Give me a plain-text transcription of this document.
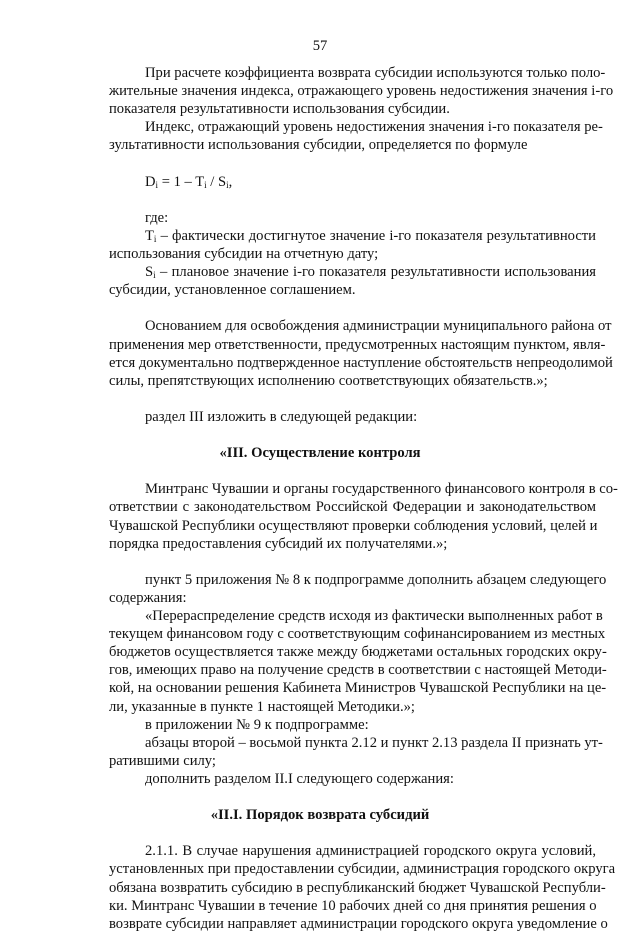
57
При расчете коэффициента возврата субсидии используются только поло-
жительные значения индекса, отражающего уровень недостижения значения i-го
показателя результативности использования субсидии.
Индекс, отражающий уровень недостижения значения i-го показателя ре-
зультативности использования субсидии, определяется по формуле
$D_i = 1 - T_i / S_i$,
где:
$T_i$ – фактически достигнутое значение i-го показателя результативности
использования субсидии на отчетную дату;
$S_i$ – плановое значение i-го показателя результативности использования
субсидии, установленное соглашением.
Основанием для освобождения администрации муниципального района от
применения мер ответственности, предусмотренных настоящим пунктом, явля-
ется документально подтвержденное наступление обстоятельств непреодолимой
силы, препятствующих исполнению соответствующих обязательств.»;
раздел III изложить в следующей редакции:
«III. Осуществление контроля
Минтранс Чувашии и органы государственного финансового контроля в со-
ответствии с законодательством Российской Федерации и законодательством
Чувашской Республики осуществляют проверки соблюдения условий, целей и
порядка предоставления субсидий их получателями.»;
пункт 5 приложения № 8 к подпрограмме дополнить абзацем следующего
содержания:
«Перераспределение средств исходя из фактически выполненных работ в
текущем финансовом году с соответствующим софинансированием из местных
бюджетов осуществляется также между бюджетами остальных городских окру-
гов, имеющих право на получение средств в соответствии с настоящей Методи-
кой, на основании решения Кабинета Министров Чувашской Республики на це-
ли, указанные в пункте 1 настоящей Методики.»;
в приложении № 9 к подпрограмме:
абзацы второй – восьмой пункта 2.12 и пункт 2.13 раздела II признать ут-
ратившими силу;
дополнить разделом II.I следующего содержания:
«II.I. Порядок возврата субсидий
2.1.1. В случае нарушения администрацией городского округа условий,
установленных при предоставлении субсидии, администрация городского округа
обязана возвратить субсидию в республиканский бюджет Чувашской Республи-
ки. Минтранс Чувашии в течение 10 рабочих дней со дня принятия решения о
возврате субсидии направляет администрации городского округа уведомление о
